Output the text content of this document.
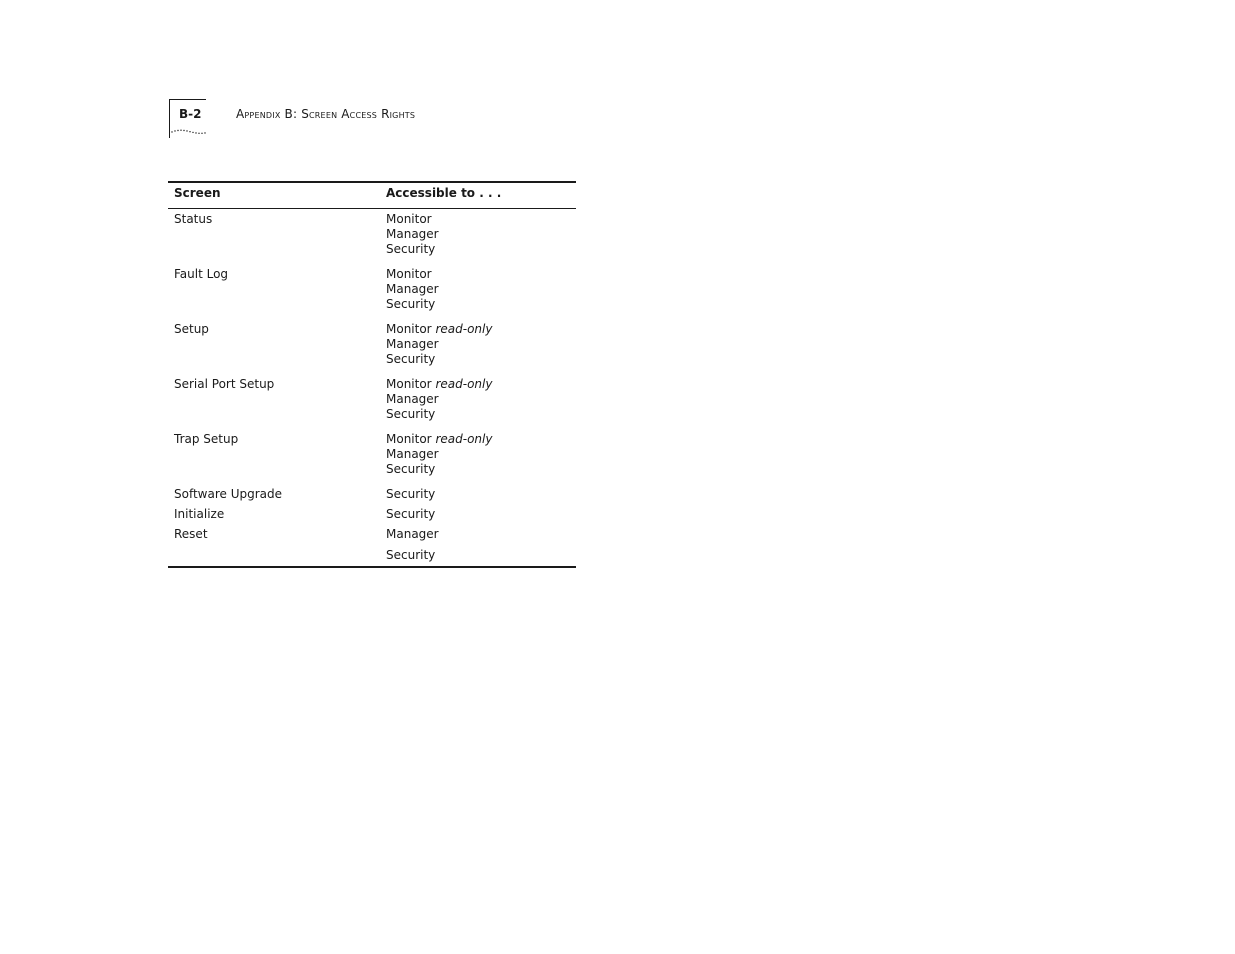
B-2	Appendix B: Screen Access Rights
Screen	Accessible to . . .
Status	Monitor
Manager
Security

Fault Log	Monitor
Manager
Security

Setup	Monitor read-only
Manager
Security

Serial Port Setup	Monitor read-only
Manager
Security

Trap Setup	Monitor read-only
Manager
Security

Software Upgrade	Security

Initialize	Security

Reset	Manager
Security
